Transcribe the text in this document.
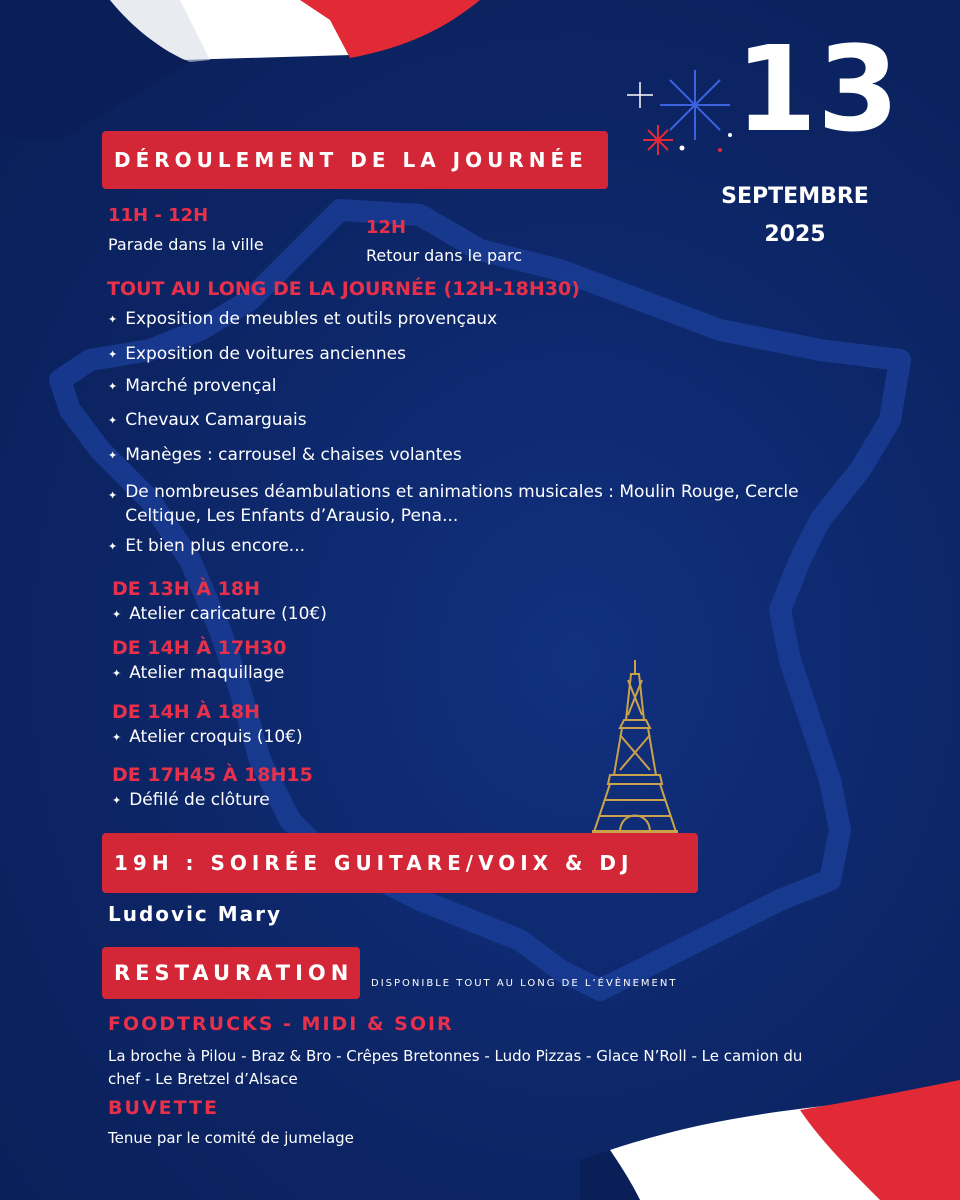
13
SEPTEMBRE
2025
DÉROULEMENT DE LA JOURNÉE
11H - 12H
Parade dans la ville
12H
Retour dans le parc
TOUT AU LONG DE LA JOURNÉE (12H-18H30)
✦ Exposition de meubles et outils provençaux
✦ Exposition de voitures anciennes
✦ Marché provençal
✦ Chevaux Camarguais
✦ Manèges : carrousel & chaises volantes
✦ De nombreuses déambulations et animations musicales : Moulin Rouge, Cercle Celtique, Les Enfants d’Arausio, Pena...
✦ Et bien plus encore...
DE 13H À 18H
✦ Atelier caricature (10€)
DE 14H À 17H30
✦ Atelier maquillage
DE 14H À 18H
✦ Atelier croquis (10€)
DE 17H45 À 18H15
✦ Défilé de clôture
19H : SOIRÉE GUITARE/VOIX & DJ
Ludovic Mary
RESTAURATION DISPONIBLE TOUT AU LONG DE L’ÉVÈNEMENT
FOODTRUCKS - MIDI & SOIR
La broche à Pilou - Braz & Bro - Crêpes Bretonnes - Ludo Pizzas - Glace N’Roll - Le camion du chef - Le Bretzel d’Alsace
BUVETTE
Tenue par le comité de jumelage
